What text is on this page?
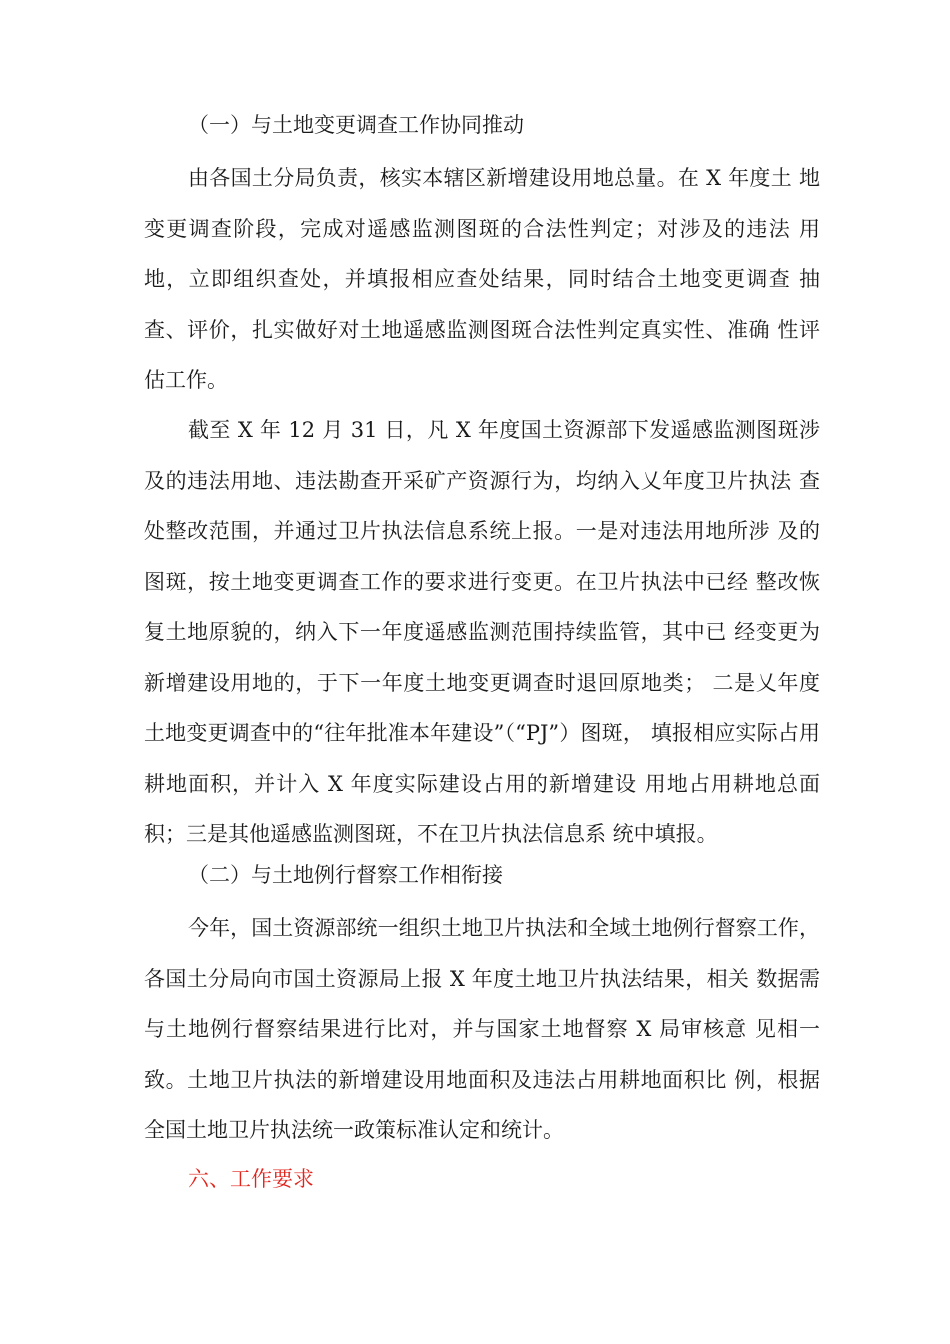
（一）与土地变更调查工作协同推动

由各国土分局负责，核实本辖区新增建设用地总量。在 X 年度土 地变更调查阶段，完成对遥感监测图斑的合法性判定；对涉及的违法 用地，立即组织查处，并填报相应查处结果，同时结合土地变更调查 抽查、评价，扎实做好对土地遥感监测图斑合法性判定真实性、准确 性评估工作。

截至 X 年 12 月 31 日，凡 X 年度国土资源部下发遥感监测图斑涉 及的违法用地、违法勘查开采矿产资源行为，均纳入乂年度卫片执法 查处整改范围，并通过卫片执法信息系统上报。一是对违法用地所涉 及的图斑，按土地变更调查工作的要求进行变更。在卫片执法中已经 整改恢复土地原貌的，纳入下一年度遥感监测范围持续监管，其中已 经变更为新增建设用地的，于下一年度土地变更调查时退回原地类； 二是乂年度土地变更调查中的“往年批准本年建设”（“PJ”）图斑， 填报相应实际占用耕地面积，并计入 X 年度实际建设占用的新增建设 用地占用耕地总面积；三是其他遥感监测图斑，不在卫片执法信息系 统中填报。

（二）与土地例行督察工作相衔接

今年，国土资源部统一组织土地卫片执法和全域土地例行督察工作，各国土分局向市国土资源局上报 X 年度土地卫片执法结果，相关 数据需与土地例行督察结果进行比对，并与国家土地督察 X 局审核意 见相一致。土地卫片执法的新增建设用地面积及违法占用耕地面积比 例，根据全国土地卫片执法统一政策标准认定和统计。

六、工作要求
